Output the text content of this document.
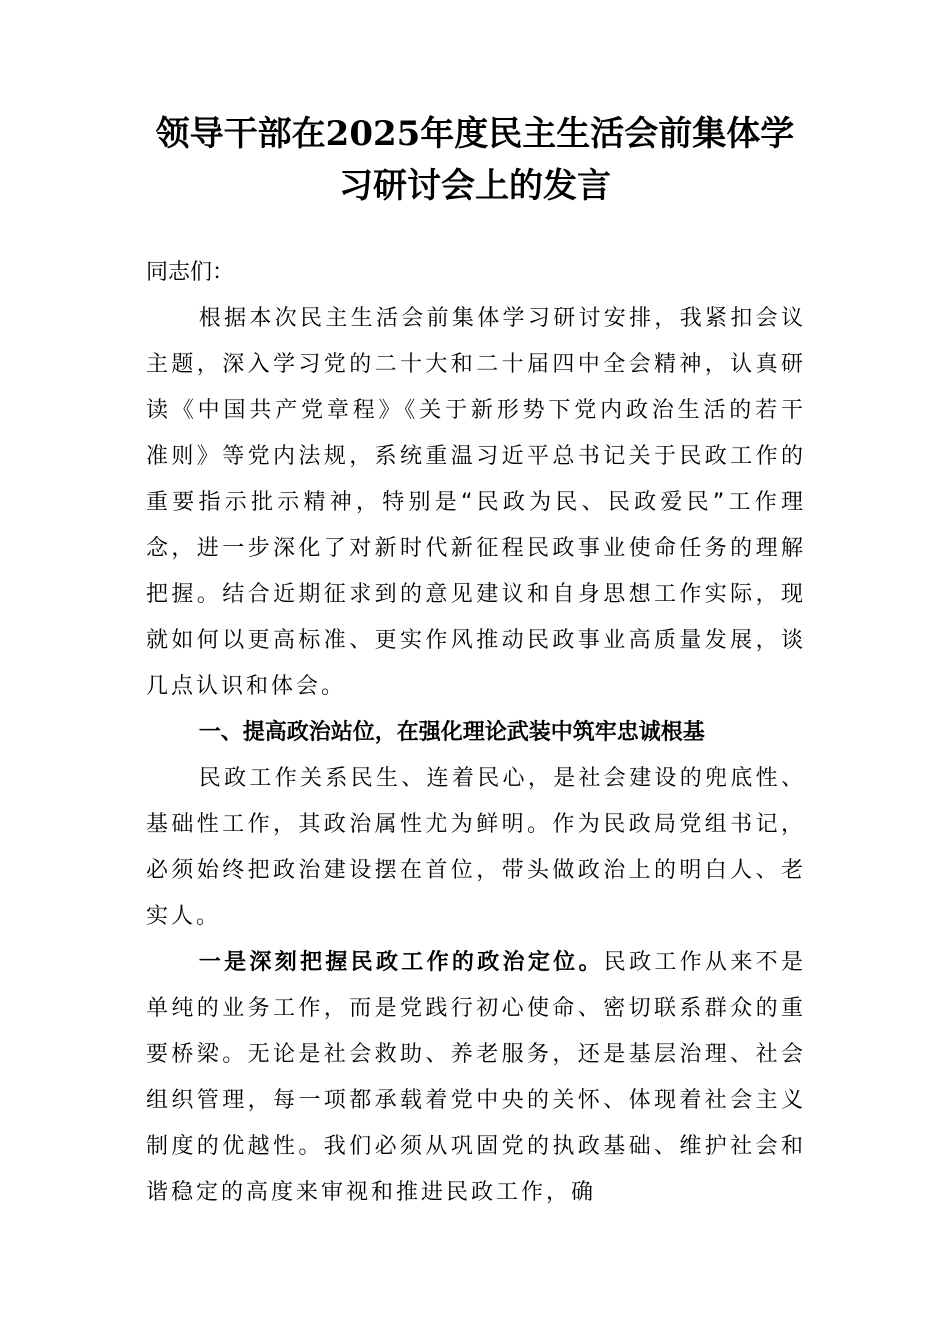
领导干部在2025年度民主生活会前集体学
习研讨会上的发言

同志们：

根据本次民主生活会前集体学习研讨安排，我紧扣会议主题，深入学习党的二十大和二十届四中全会精神，认真研读《中国共产党章程》《关于新形势下党内政治生活的若干准则》等党内法规，系统重温习近平总书记关于民政工作的重要指示批示精神，特别是“民政为民、民政爱民”工作理念，进一步深化了对新时代新征程民政事业使命任务的理解把握。结合近期征求到的意见建议和自身思想工作实际，现就如何以更高标准、更实作风推动民政事业高质量发展，谈几点认识和体会。

一、提高政治站位，在强化理论武装中筑牢忠诚根基

民政工作关系民生、连着民心，是社会建设的兜底性、基础性工作，其政治属性尤为鲜明。作为民政局党组书记，必须始终把政治建设摆在首位，带头做政治上的明白人、老实人。

一是深刻把握民政工作的政治定位。民政工作从来不是单纯的业务工作，而是党践行初心使命、密切联系群众的重要桥梁。无论是社会救助、养老服务，还是基层治理、社会组织管理，每一项都承载着党中央的关怀、体现着社会主义制度的优越性。我们必须从巩固党的执政基础、维护社会和谐稳定的高度来审视和推进民政工作，确
